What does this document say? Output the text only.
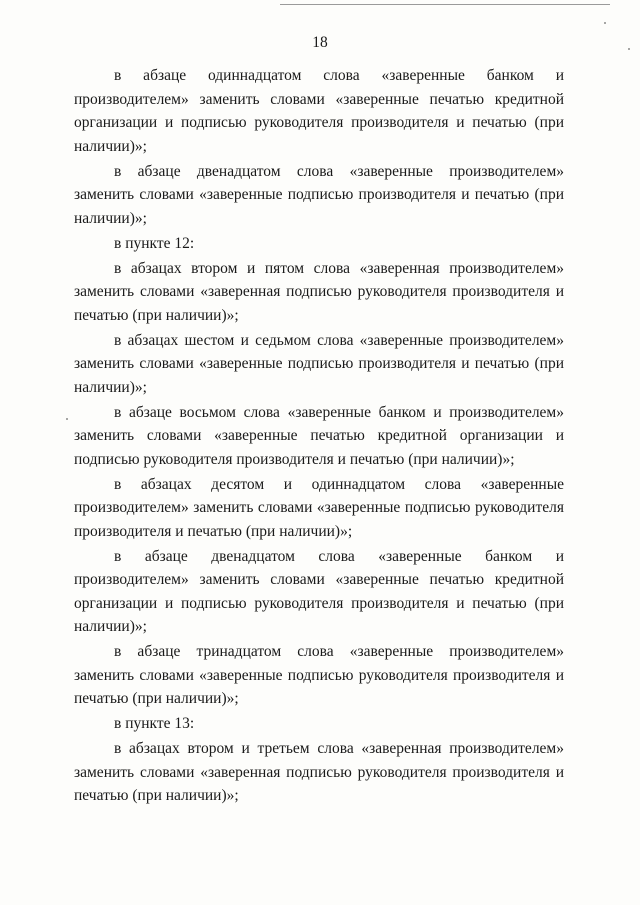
18

в абзаце одиннадцатом слова «заверенные банком и производителем» заменить словами «заверенные печатью кредитной организации и подписью руководителя производителя и печатью (при наличии)»;

в абзаце двенадцатом слова «заверенные производителем» заменить словами «заверенные подписью производителя и печатью (при наличии)»;

в пункте 12:

в абзацах втором и пятом слова «заверенная производителем» заменить словами «заверенная подписью руководителя производителя и печатью (при наличии)»;

в абзацах шестом и седьмом слова «заверенные производителем» заменить словами «заверенные подписью производителя и печатью (при наличии)»;

в абзаце восьмом слова «заверенные банком и производителем» заменить словами «заверенные печатью кредитной организации и подписью руководителя производителя и печатью (при наличии)»;

в абзацах десятом и одиннадцатом слова «заверенные производителем» заменить словами «заверенные подписью руководителя производителя и печатью (при наличии)»;

в абзаце двенадцатом слова «заверенные банком и производителем» заменить словами «заверенные печатью кредитной организации и подписью руководителя производителя и печатью (при наличии)»;

в абзаце тринадцатом слова «заверенные производителем» заменить словами «заверенные подписью руководителя производителя и печатью (при наличии)»;

в пункте 13:

в абзацах втором и третьем слова «заверенная производителем» заменить словами «заверенная подписью руководителя производителя и печатью (при наличии)»;
